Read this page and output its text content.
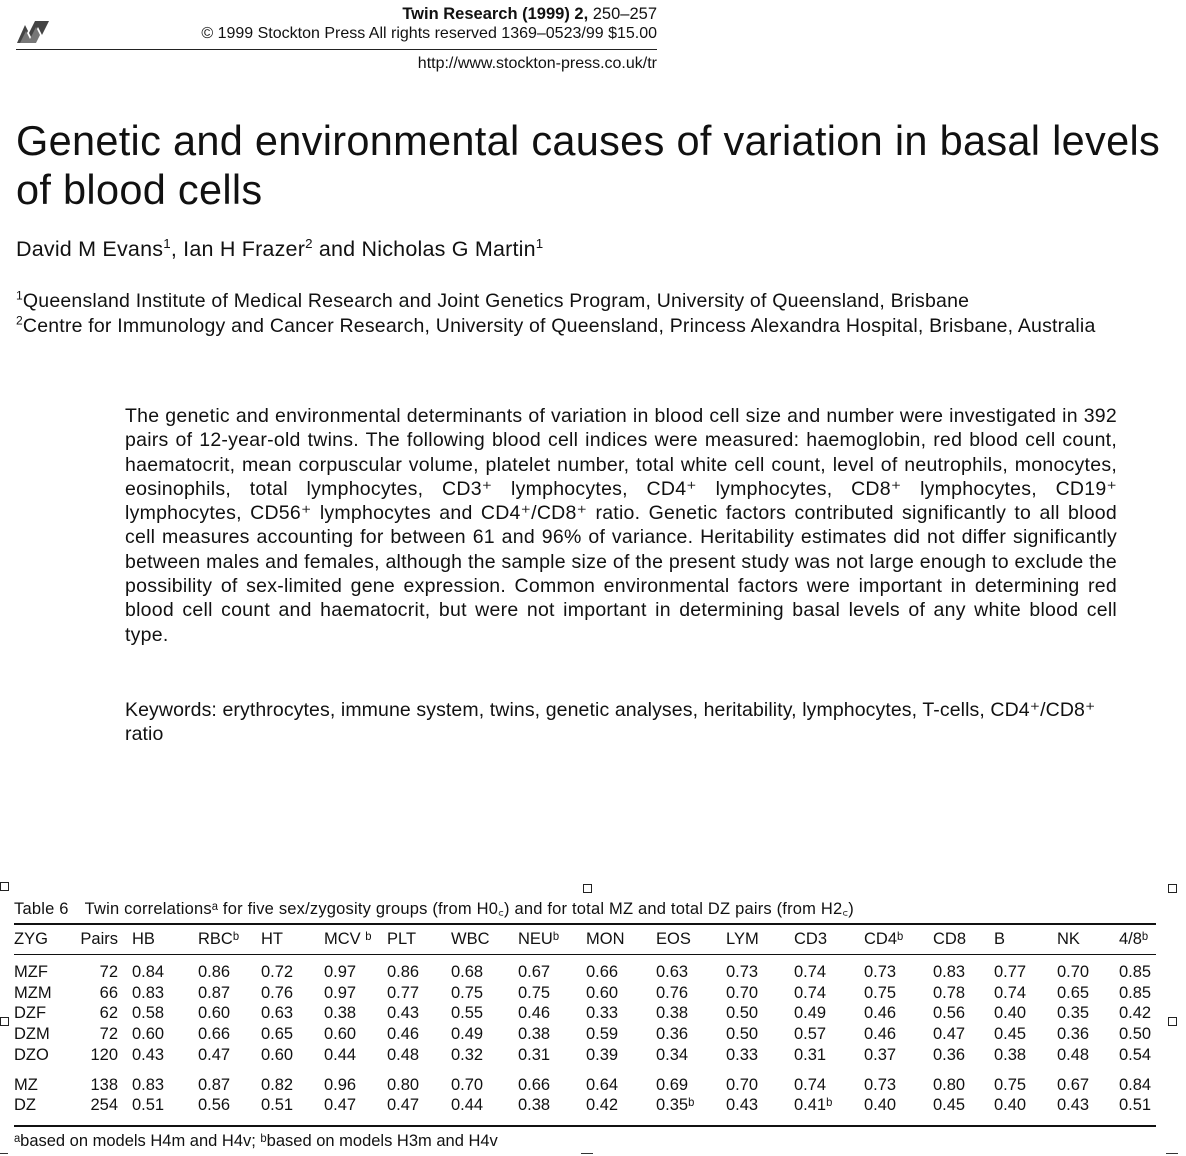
Twin Research (1999) 2, 250–257
© 1999 Stockton Press All rights reserved 1369–0523/99 $15.00
http://www.stockton-press.co.uk/tr
Genetic and environmental causes of variation in basal levels of blood cells
David M Evans$^1$, Ian H Frazer$^2$ and Nicholas G Martin$^1$
$^1$Queensland Institute of Medical Research and Joint Genetics Program, University of Queensland, Brisbane
$^2$Centre for Immunology and Cancer Research, University of Queensland, Princess Alexandra Hospital, Brisbane, Australia

The genetic and environmental determinants of variation in blood cell size and number were investigated in 392 pairs of 12-year-old twins. The following blood cell indices were measured: haemoglobin, red blood cell count, haematocrit, mean corpuscular volume, platelet number, total white cell count, level of neutrophils, monocytes, eosinophils, total lymphocytes, CD3⁺ lymphocytes, CD4⁺ lymphocytes, CD8⁺ lymphocytes, CD19⁺ lymphocytes, CD56⁺ lymphocytes and CD4⁺/CD8⁺ ratio. Genetic factors contributed significantly to all blood cell measures accounting for between 61 and 96% of variance. Heritability estimates did not differ significantly between males and females, although the sample size of the present study was not large enough to exclude the possibility of sex-limited gene expression. Common environmental factors were important in determining red blood cell count and haematocrit, but were not important in determining basal levels of any white blood cell type.

Keywords: erythrocytes, immune system, twins, genetic analyses, heritability, lymphocytes, T-cells, CD4⁺/CD8⁺ ratio

Table 6 Twin correlationsᵃ for five sex/zygosity groups (from H0꜀) and for total MZ and total DZ pairs (from H2꜀)
ZYG	Pairs	HB	RBCᵇ	HT	MCV ᵇ	PLT	WBC	NEUᵇ	MON	EOS	LYM	CD3	CD4ᵇ	CD8	B	NK	4/8ᵇ
MZF	72	0.84	0.86	0.72	0.97	0.86	0.68	0.67	0.66	0.63	0.73	0.74	0.73	0.83	0.77	0.70	0.85
MZM	66	0.83	0.87	0.76	0.97	0.77	0.75	0.75	0.60	0.76	0.70	0.74	0.75	0.78	0.74	0.65	0.85
DZF	62	0.58	0.60	0.63	0.38	0.43	0.55	0.46	0.33	0.38	0.50	0.49	0.46	0.56	0.40	0.35	0.42
DZM	72	0.60	0.66	0.65	0.60	0.46	0.49	0.38	0.59	0.36	0.50	0.57	0.46	0.47	0.45	0.36	0.50
DZO	120	0.43	0.47	0.60	0.44	0.48	0.32	0.31	0.39	0.34	0.33	0.31	0.37	0.36	0.38	0.48	0.54
MZ	138	0.83	0.87	0.82	0.96	0.80	0.70	0.66	0.64	0.69	0.70	0.74	0.73	0.80	0.75	0.67	0.84
DZ	254	0.51	0.56	0.51	0.47	0.47	0.44	0.38	0.42	0.35ᵇ	0.43	0.41ᵇ	0.40	0.45	0.40	0.43	0.51
ᵃbased on models H4m and H4v; ᵇbased on models H3m and H4v
